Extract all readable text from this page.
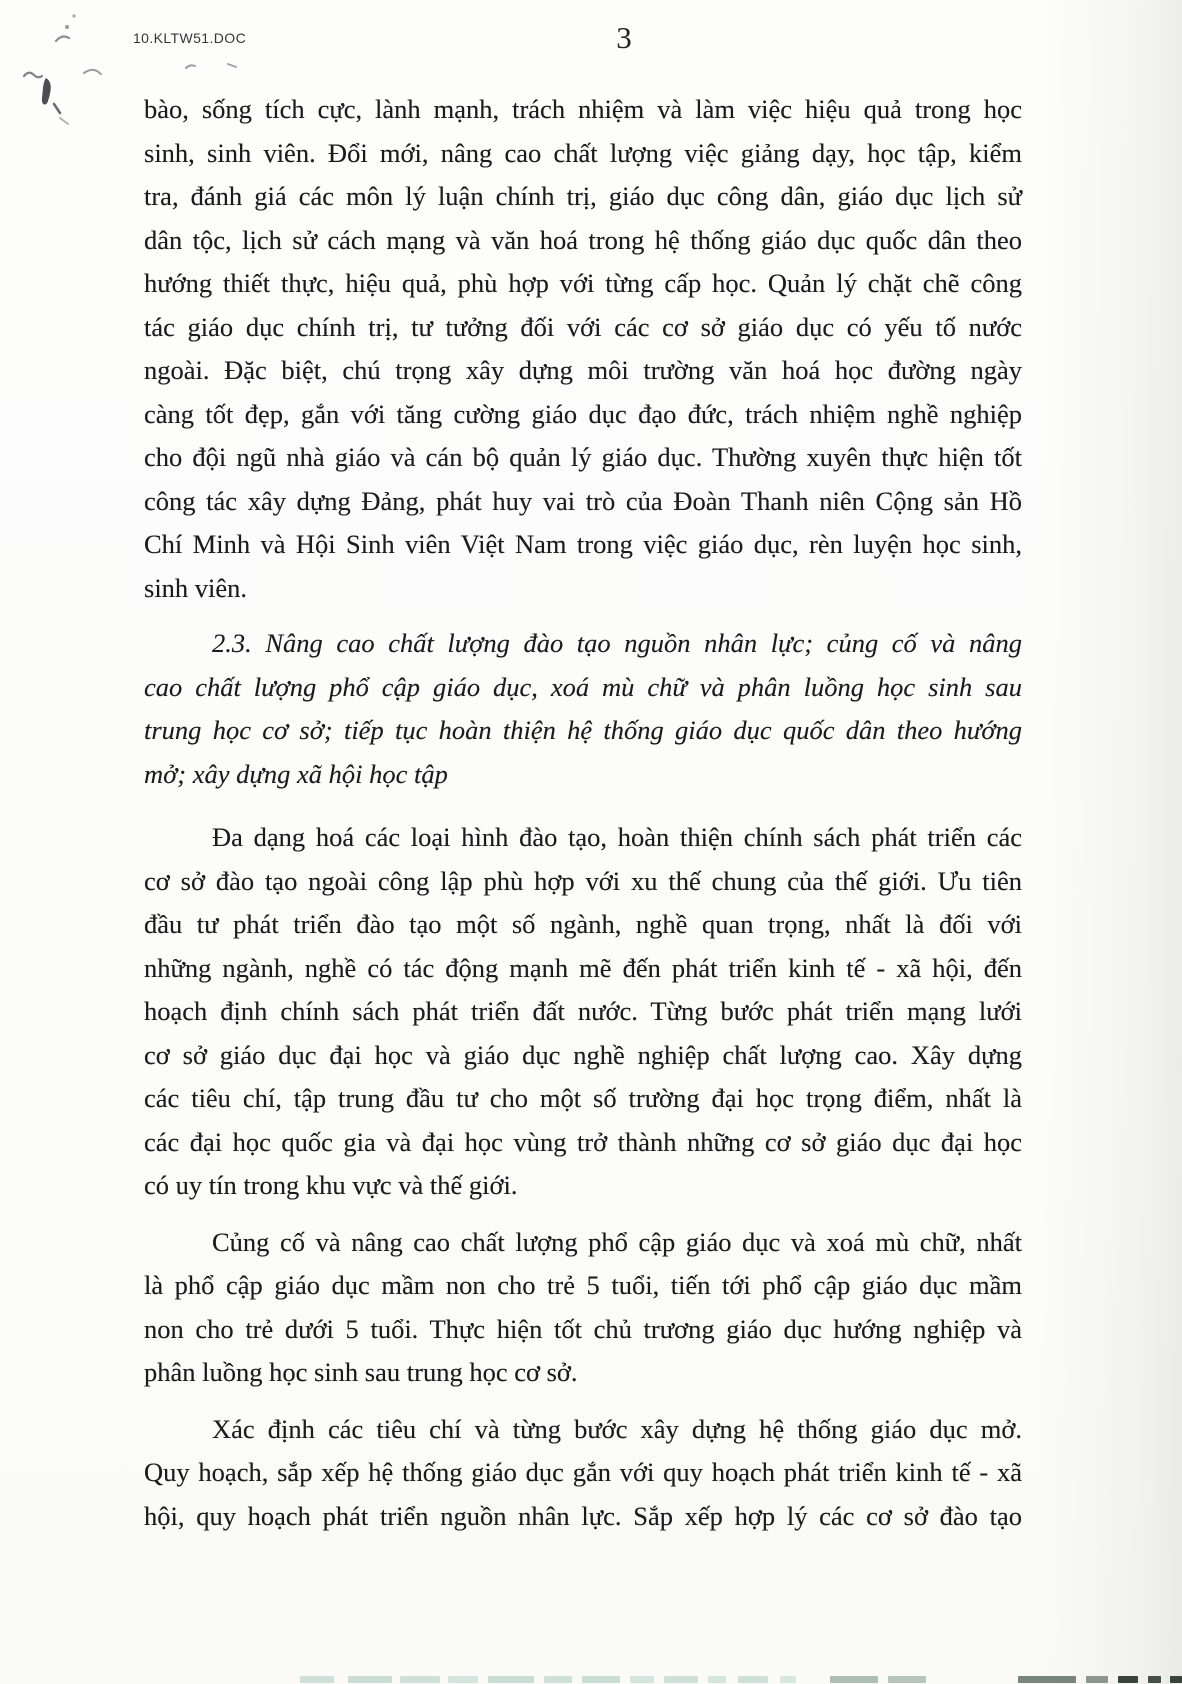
10.KLTW51.DOC	3
bào, sống tích cực, lành mạnh, trách nhiệm và làm việc hiệu quả trong học
sinh, sinh viên. Đổi mới, nâng cao chất lượng việc giảng dạy, học tập, kiểm
tra, đánh giá các môn lý luận chính trị, giáo dục công dân, giáo dục lịch sử
dân tộc, lịch sử cách mạng và văn hoá trong hệ thống giáo dục quốc dân theo
hướng thiết thực, hiệu quả, phù hợp với từng cấp học. Quản lý chặt chẽ công
tác giáo dục chính trị, tư tưởng đối với các cơ sở giáo dục có yếu tố nước
ngoài. Đặc biệt, chú trọng xây dựng môi trường văn hoá học đường ngày
càng tốt đẹp, gắn với tăng cường giáo dục đạo đức, trách nhiệm nghề nghiệp
cho đội ngũ nhà giáo và cán bộ quản lý giáo dục. Thường xuyên thực hiện tốt
công tác xây dựng Đảng, phát huy vai trò của Đoàn Thanh niên Cộng sản Hồ
Chí Minh và Hội Sinh viên Việt Nam trong việc giáo dục, rèn luyện học sinh,
sinh viên.
2.3. Nâng cao chất lượng đào tạo nguồn nhân lực; củng cố và nâng
cao chất lượng phổ cập giáo dục, xoá mù chữ và phân luồng học sinh sau
trung học cơ sở; tiếp tục hoàn thiện hệ thống giáo dục quốc dân theo hướng
mở; xây dựng xã hội học tập
Đa dạng hoá các loại hình đào tạo, hoàn thiện chính sách phát triển các
cơ sở đào tạo ngoài công lập phù hợp với xu thế chung của thế giới. Ưu tiên
đầu tư phát triển đào tạo một số ngành, nghề quan trọng, nhất là đối với
những ngành, nghề có tác động mạnh mẽ đến phát triển kinh tế - xã hội, đến
hoạch định chính sách phát triển đất nước. Từng bước phát triển mạng lưới
cơ sở giáo dục đại học và giáo dục nghề nghiệp chất lượng cao. Xây dựng
các tiêu chí, tập trung đầu tư cho một số trường đại học trọng điểm, nhất là
các đại học quốc gia và đại học vùng trở thành những cơ sở giáo dục đại học
có uy tín trong khu vực và thế giới.
Củng cố và nâng cao chất lượng phổ cập giáo dục và xoá mù chữ, nhất
là phổ cập giáo dục mầm non cho trẻ 5 tuổi, tiến tới phổ cập giáo dục mầm
non cho trẻ dưới 5 tuổi. Thực hiện tốt chủ trương giáo dục hướng nghiệp và
phân luồng học sinh sau trung học cơ sở.
Xác định các tiêu chí và từng bước xây dựng hệ thống giáo dục mở.
Quy hoạch, sắp xếp hệ thống giáo dục gắn với quy hoạch phát triển kinh tế - xã
hội, quy hoạch phát triển nguồn nhân lực. Sắp xếp hợp lý các cơ sở đào tạo
